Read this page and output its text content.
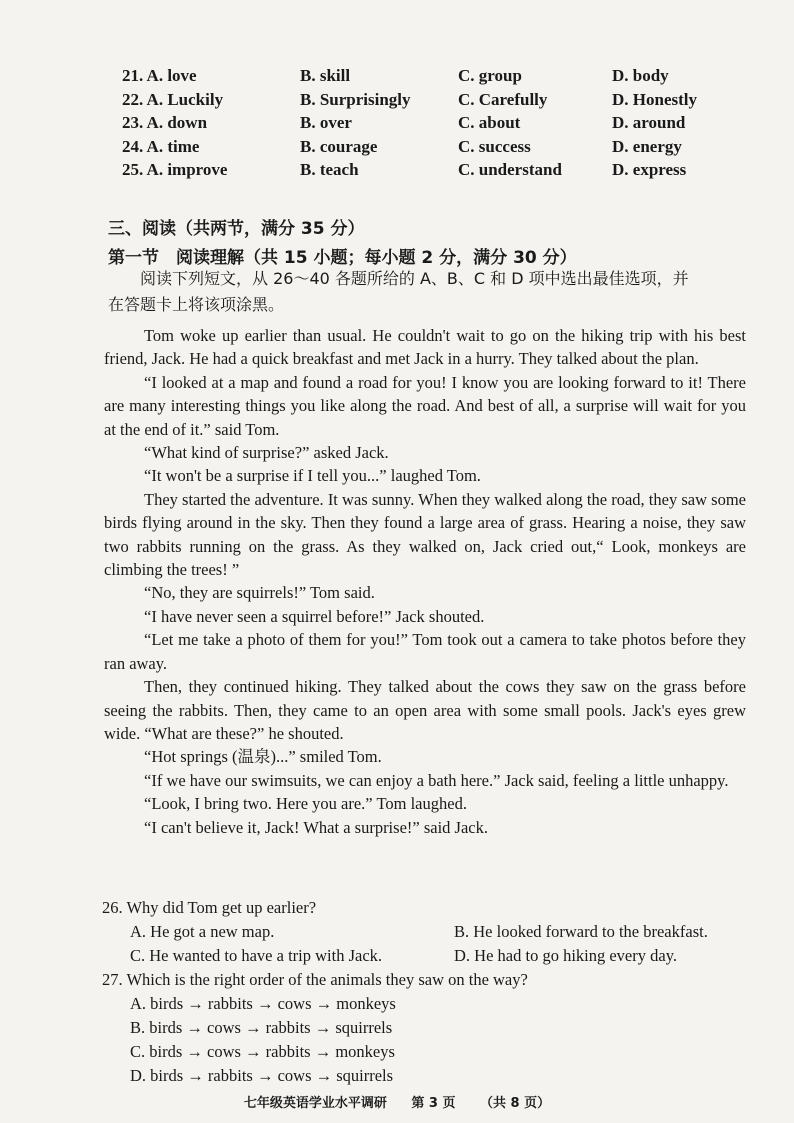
21. A. love	B. skill	C. group	D. body
22. A. Luckily	B. Surprisingly	C. Carefully	D. Honestly
23. A. down	B. over	C. about	D. around
24. A. time	B. courage	C. success	D. energy
25. A. improve	B. teach	C. understand	D. express
三、阅读（共两节，满分 35 分）
第一节　阅读理解（共 15 小题；每小题 2 分，满分 30 分）

阅读下列短文，从 26～40 各题所给的 A、B、C 和 D 项中选出最佳选项，并

在答题卡上将该项涂黑。

Tom woke up earlier than usual. He couldn't wait to go on the hiking trip with his best friend, Jack. He had a quick breakfast and met Jack in a hurry. They talked about the plan.

“I looked at a map and found a road for you! I know you are looking forward to it! There are many interesting things you like along the road. And best of all, a surprise will wait for you at the end of it.” said Tom.

“What kind of surprise?” asked Jack.

“It won't be a surprise if I tell you...” laughed Tom.

They started the adventure. It was sunny. When they walked along the road, they saw some birds flying around in the sky. Then they found a large area of grass. Hearing a noise, they saw two rabbits running on the grass. As they walked on, Jack cried out,“ Look, monkeys are climbing the trees! ”

“No, they are squirrels!” Tom said.

“I have never seen a squirrel before!” Jack shouted.

“Let me take a photo of them for you!” Tom took out a camera to take photos before they ran away.

Then, they continued hiking. They talked about the cows they saw on the grass before seeing the rabbits. Then, they came to an open area with some small pools. Jack's eyes grew wide. “What are these?” he shouted.

“Hot springs (温泉)...” smiled Tom.

“If we have our swimsuits, we can enjoy a bath here.” Jack said, feeling a little unhappy.

“Look, I bring two. Here you are.” Tom laughed.

“I can't believe it, Jack! What a surprise!” said Jack.

26. Why did Tom get up earlier?

A. He got a new map.	B. He looked forward to the breakfast.
C. He wanted to have a trip with Jack.	D. He had to go hiking every day.

27. Which is the right order of the animals they saw on the way?

A. birds → rabbits → cows → monkeys

B. birds → cows → rabbits → squirrels

C. birds → cows → rabbits → monkeys

D. birds → rabbits → cows → squirrels

七年级英语学业水平调研 第 3 页 （共 8 页）
